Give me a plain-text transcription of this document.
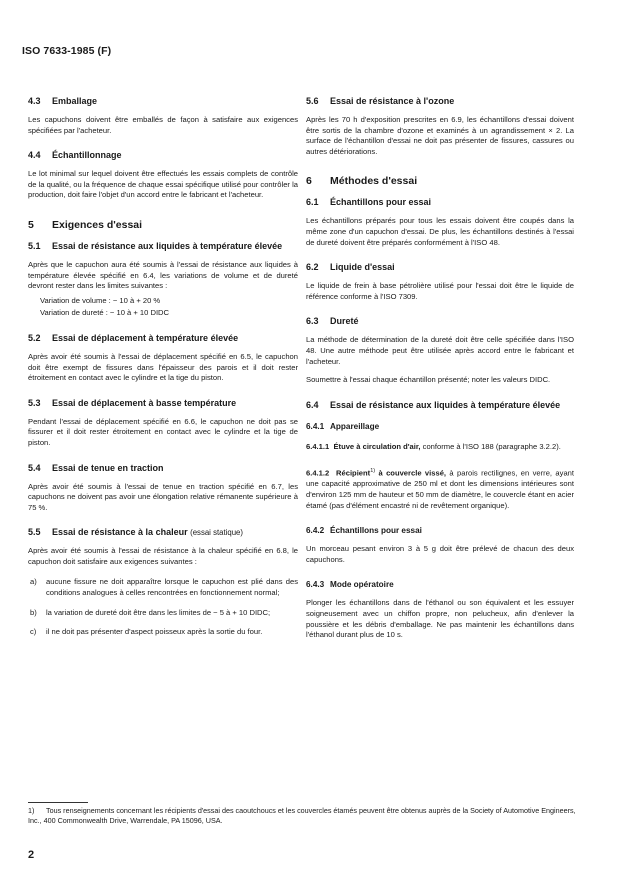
ISO 7633-1985 (F)
4.3 Emballage

Les capuchons doivent être emballés de façon à satisfaire aux exigences spécifiées par l'acheteur.

4.4 Échantillonnage

Le lot minimal sur lequel doivent être effectués les essais complets de contrôle de la qualité, ou la fréquence de chaque essai spécifique utilisé pour contrôler la production, doit faire l'objet d'un accord entre le fabricant et l'acheteur.

5 Exigences d'essai
5.1	Essai de résistance aux liquides à température élevée

Après que le capuchon aura été soumis à l'essai de résistance aux liquides à température élevée spécifié en 6.4, les variations de volume et de dureté devront rester dans les limites suivantes :

Variation de volume : − 10 à + 20 %
Variation de dureté : − 10 à + 10 DIDC
5.2 Essai de déplacement à température élevée

Après avoir été soumis à l'essai de déplacement spécifié en 6.5, le capuchon doit être exempt de fissures dans l'épaisseur des parois et il doit rester étroitement en contact avec le cylindre et la tige du piston.

5.3 Essai de déplacement à basse température

Pendant l'essai de déplacement spécifié en 6.6, le capuchon ne doit pas se fissurer et il doit rester étroitement en contact avec le cylindre et la tige de piston.

5.4 Essai de tenue en traction

Après avoir été soumis à l'essai de tenue en traction spécifié en 6.7, les capuchons ne doivent pas avoir une élongation relative rémanente supérieure à 75 %.

5.5 Essai de résistance à la chaleur (essai statique)

Après avoir été soumis à l'essai de résistance à la chaleur spécifié en 6.8, le capuchon doit satisfaire aux exigences suivantes :

a)	aucune fissure ne doit apparaître lorsque le capuchon est plié dans des conditions analogues à celles rencontrées en fonctionnement normal;
b)	la variation de dureté doit être dans les limites de − 5 à + 10 DIDC;
c)	il ne doit pas présenter d'aspect poisseux après la sortie du four.
5.6 Essai de résistance à l'ozone

Après les 70 h d'exposition prescrites en 6.9, les échantillons d'essai doivent être sortis de la chambre d'ozone et examinés à un agrandissement × 2. La surface de l'échantillon d'essai ne doit pas présenter de fissures, cassures ou autres détériorations.

6 Méthodes d'essai
6.1 Échantillons pour essai

Les échantillons préparés pour tous les essais doivent être coupés dans la même zone d'un capuchon d'essai. De plus, les échantillons destinés à l'essai de dureté doivent être préparés conformément à l'ISO 48.

6.2 Liquide d'essai

Le liquide de frein à base pétrolière utilisé pour l'essai doit être le liquide de référence conforme à l'ISO 7309.

6.3 Dureté

La méthode de détermination de la dureté doit être celle spécifiée dans l'ISO 48. Une autre méthode peut être utilisée après accord entre le fabricant et l'acheteur.

Soumettre à l'essai chaque échantillon présenté; noter les valeurs DIDC.

6.4	Essai de résistance aux liquides à température élevée
6.4.1 Appareillage

6.4.1.1 Étuve à circulation d'air, conforme à l'ISO 188 (paragraphe 3.2.2).

6.4.1.2 Récipient$^{1)}$ à couvercle vissé, à parois rectilignes, en verre, ayant une capacité approximative de 250 ml et dont les dimensions intérieures sont d'environ 125 mm de hauteur et 50 mm de diamètre, le couvercle étant en acier étamé (pas d'élément encastré ni de revêtement organique).

6.4.2 Échantillons pour essai

Un morceau pesant environ 3 à 5 g doit être prélevé de chacun des deux capuchons.

6.4.3 Mode opératoire

Plonger les échantillons dans de l'éthanol ou son équivalent et les essuyer soigneusement avec un chiffon propre, non pelucheux, afin d'enlever la poussière et les débris d'emballage. Ne pas maintenir les échantillons dans l'éthanol durant plus de 10 s.

1) Tous renseignements concernant les récipients d'essai des caoutchoucs et les couvercles étamés peuvent être obtenus auprès de la Society of Automotive Engineers, Inc., 400 Commonwealth Drive, Warrendale, PA 15096, USA.
2
